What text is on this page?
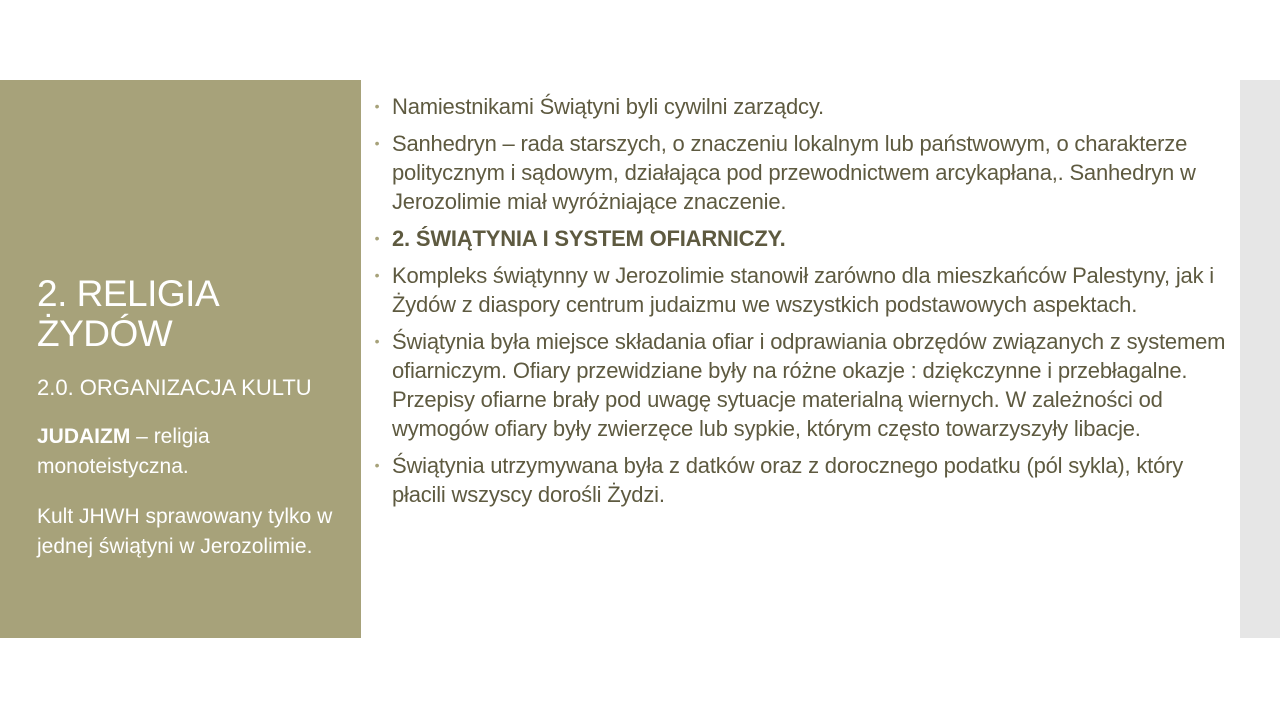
2. RELIGIA ŻYDÓW

2.0. ORGANIZACJA KULTU

JUDAIZM – religia monoteistyczna.

Kult JHWH sprawowany tylko w jednej świątyni w Jerozolimie.

• Namiestnikami Świątyni byli cywilni zarządcy.
• Sanhedryn – rada starszych, o znaczeniu lokalnym lub państwowym, o charakterze politycznym i sądowym, działająca pod przewodnictwem arcykapłana,. Sanhedryn w Jerozolimie miał wyróżniające znaczenie.
• 2. ŚWIĄTYNIA I SYSTEM OFIARNICZY.
• Kompleks świątynny w Jerozolimie stanowił zarówno dla mieszkańców Palestyny, jak i Żydów z diaspory centrum judaizmu we wszystkich podstawowych aspektach.
• Świątynia była miejsce składania ofiar i odprawiania obrzędów związanych z systemem ofiarniczym. Ofiary przewidziane były na różne okazje : dziękczynne i przebłagalne. Przepisy ofiarne brały pod uwagę sytuacje materialną wiernych. W zależności od wymogów ofiary były zwierzęce lub sypkie, którym często towarzyszyły libacje.
• Świątynia utrzymywana była z datków oraz z dorocznego podatku (pól sykla), który płacili wszyscy dorośli Żydzi.
